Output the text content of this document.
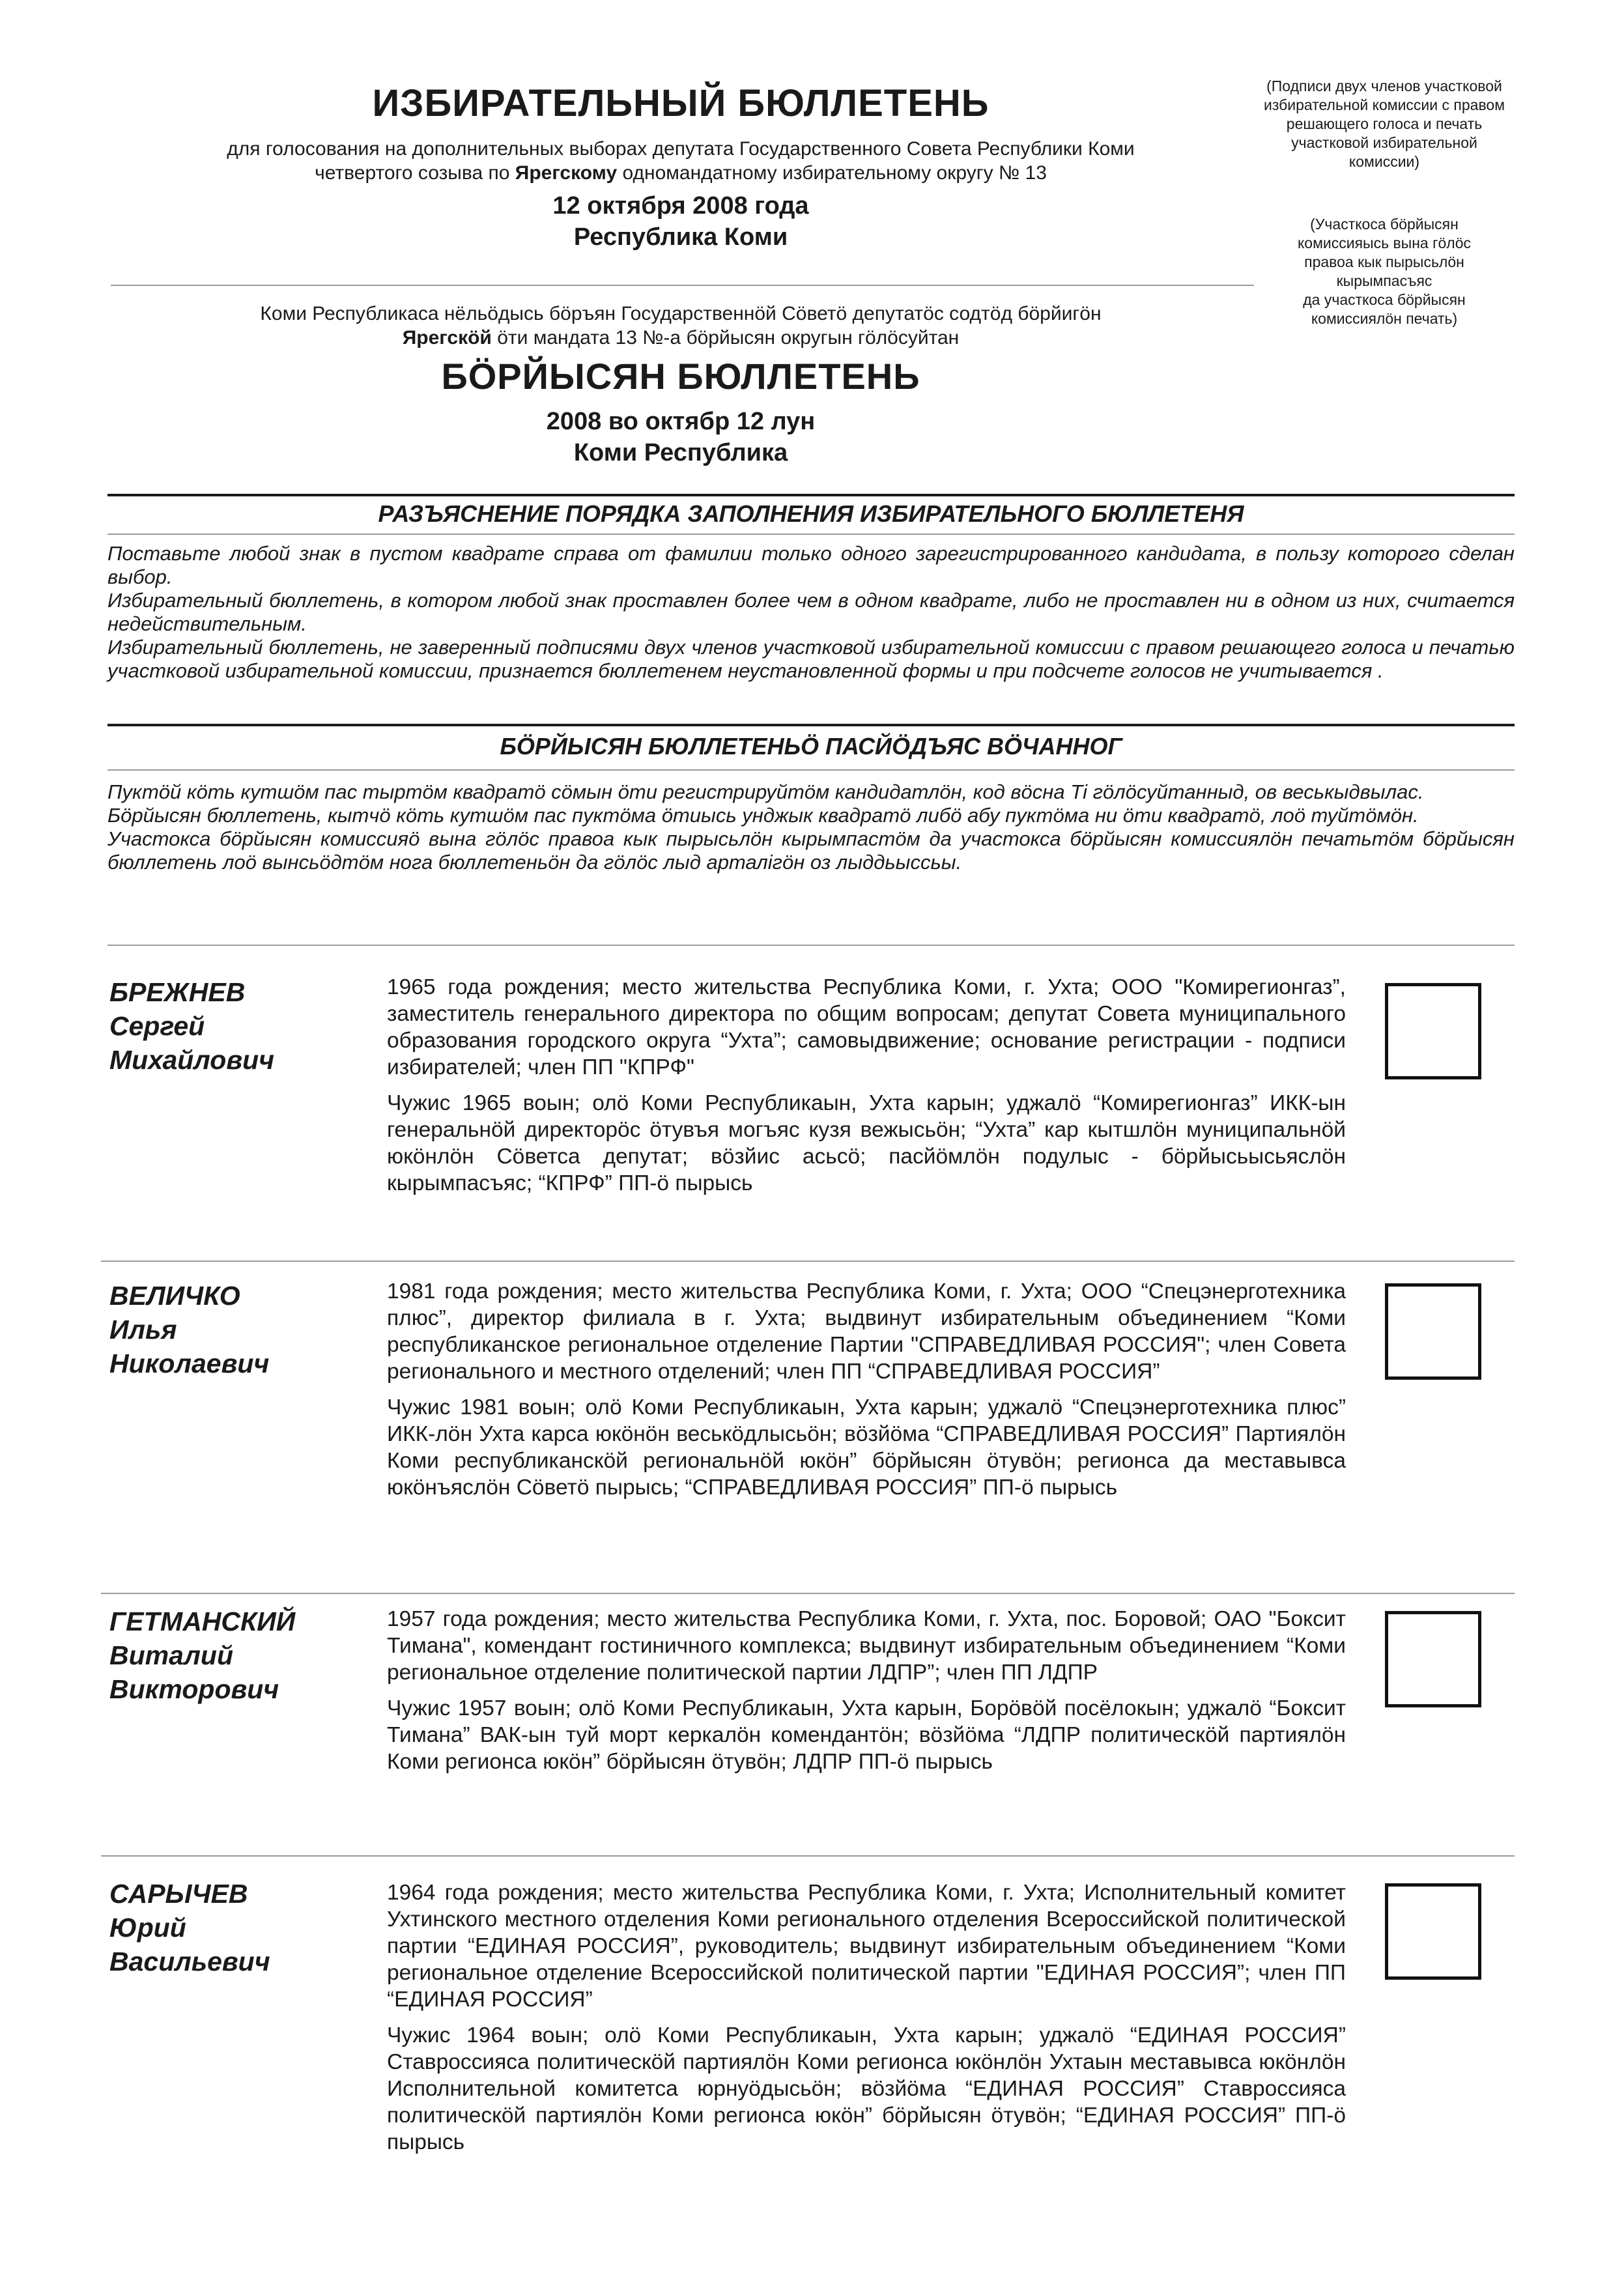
ИЗБИРАТЕЛЬНЫЙ БЮЛЛЕТЕНЬ
для голосования на дополнительных выборах депутата Государственного Совета Республики Коми
четвертого созыва по Ярегскому одномандатному избирательному округу № 13
12 октября 2008 года
Республика Коми
(Подписи двух членов участковой
избирательной комиссии с правом
решающего голоса и печать
участковой избирательной
комиссии)
(Участкоса бöрйысян
комиссияысь вына гöлöс
правоа кык пырысьлöн
кырымпасъяс
да участкоса бöрйысян
комиссиялöн печать)
Коми Республикаса нёльöдысь бöръян Государственнöй Сöветö депутатöс содтöд бöрйигöн
Ярегскöй öти мандата 13 №-а бöрйысян округын гöлöсуйтан
БÖРЙЫСЯН БЮЛЛЕТЕНЬ
2008 во октябр 12 лун
Коми Республика
РАЗЪЯСНЕНИЕ ПОРЯДКА ЗАПОЛНЕНИЯ ИЗБИРАТЕЛЬНОГО БЮЛЛЕТЕНЯ

Поставьте любой знак в пустом квадрате справа от фамилии только одного зарегистрированного кандидата, в пользу которого сделан выбор.

Избирательный бюллетень, в котором любой знак проставлен более чем в одном квадрате, либо не проставлен ни в одном из них, считается недействительным.

Избирательный бюллетень, не заверенный подписями двух членов участковой избирательной комиссии с правом решающего голоса и печатью участковой избирательной комиссии, признается бюллетенем неустановленной формы и при подсчете голосов не учитывается .

БÖРЙЫСЯН БЮЛЛЕТЕНЬÖ ПАСЙÖДЪЯС ВÖЧАННОГ

Пуктöй кöть кутшöм пас тыртöм квадратö сöмын öти регистрируйтöм кандидатлöн, код вöсна Ті гöлöсуйтанныд, ов веськыдвылас.

Бöрйысян бюллетень, кытчö кöть кутшöм пас пуктöма öтиысь унджык квадратö либö абу пуктöма ни öти квадратö, лоö туйтöмöн.

Участокса бöрйысян комиссияö вына гöлöс правоа кык пырысьлöн кырымпастöм да участокса бöрйысян комиссиялöн печатьтöм бöрйысян бюллетень лоö вынсьöдтöм нога бюллетеньöн да гöлöс лыд арталігöн оз лыддьыссьы.

БРЕЖНЕВ
Сергей
Михайлович

1965 года рождения; место жительства Республика Коми, г. Ухта; ООО "Комирегионгаз”, заместитель генерального директора по общим вопросам; депутат Совета муниципального образования городского округа “Ухта”; самовыдвижение; основание регистрации - подписи избирателей; член ПП "КПРФ"

Чужис 1965 воын; олö Коми Республикаын, Ухта карын; уджалö “Комирегионгаз” ИКК-ын генеральнöй директорöс öтувъя могъяс кузя вежысьöн; “Ухта” кар кытшлöн муниципальнöй юкöнлöн Сöветса депутат; вöзйис асьсö; пасйöмлöн подулыс - бöрйысьысьяслöн кырымпасъяс; “КПРФ” ПП-ö пырысь

ВЕЛИЧКО
Илья
Николаевич

1981 года рождения; место жительства Республика Коми, г. Ухта; ООО “Спецэнерготехника плюс”, директор филиала в г. Ухта; выдвинут избирательным объединением “Коми республиканское региональное отделение Партии "СПРАВЕДЛИВАЯ РОССИЯ"; член Совета регионального и местного отделений; член ПП “СПРАВЕДЛИВАЯ РОССИЯ”

Чужис 1981 воын; олö Коми Республикаын, Ухта карын; уджалö “Спецэнерготехника плюс” ИКК-лöн Ухта карса юкöнöн веськöдлысьöн; вöзйöма “СПРАВЕДЛИВАЯ РОССИЯ” Партиялöн Коми республиканскöй региональнöй юкöн” бöрйысян öтувöн; регионса да меставывса юкöнъяслöн Сöветö пырысь; “СПРАВЕДЛИВАЯ РОССИЯ” ПП-ö пырысь

ГЕТМАНСКИЙ
Виталий
Викторович

1957 года рождения; место жительства Республика Коми, г. Ухта, пос. Боровой; ОАО "Боксит Тимана", комендант гостиничного комплекса; выдвинут избирательным объединением “Коми региональное отделение политической партии ЛДПР”; член ПП ЛДПР

Чужис 1957 воын; олö Коми Республикаын, Ухта карын, Борöвöй посёлокын; уджалö “Боксит Тимана” ВАК-ын туй морт керкалöн комендантöн; вöзйöма “ЛДПР политическöй партиялöн Коми регионса юкöн” бöрйысян öтувöн; ЛДПР ПП-ö пырысь

САРЫЧЕВ
Юрий
Васильевич

1964 года рождения; место жительства Республика Коми, г. Ухта; Исполнительный комитет Ухтинского местного отделения Коми регионального отделения Всероссийской политической партии “ЕДИНАЯ РОССИЯ”, руководитель; выдвинут избирательным объединением “Коми региональное отделение Всероссийской политической партии "ЕДИНАЯ РОССИЯ”; член ПП “ЕДИНАЯ РОССИЯ”

Чужис 1964 воын; олö Коми Республикаын, Ухта карын; уджалö “ЕДИНАЯ РОССИЯ” Ставроссияса политическöй партиялöн Коми регионса юкöнлöн Ухтаын меставывса юкöнлöн Исполнительной комитетса юрнуöдысьöн; вöзйöма “ЕДИНАЯ РОССИЯ” Ставроссияса политическöй партиялöн Коми регионса юкöн” бöрйысян öтувöн; “ЕДИНАЯ РОССИЯ” ПП-ö пырысь
